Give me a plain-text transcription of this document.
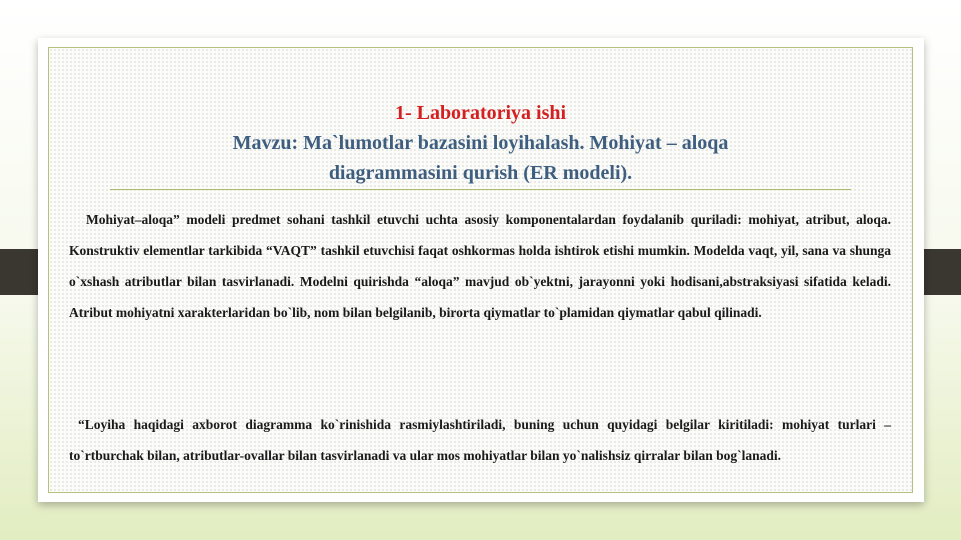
1- Laboratoriya ishi
Mavzu: Ma`lumotlar bazasini loyihalash. Mohiyat – aloqa
diagrammasini qurish (ER modeli).

Mohiyat–aloqa” modeli predmet sohani tashkil etuvchi uchta asosiy komponentalardan foydalanib quriladi: mohiyat, atribut, aloqa. Konstruktiv elementlar tarkibida “VAQT” tashkil etuvchisi faqat oshkormas holda ishtirok etishi mumkin. Modelda vaqt, yil, sana va shunga o`xshash atributlar bilan tasvirlanadi. Modelni quirishda “aloqa” mavjud ob`yektni, jarayonni yoki hodisani,abstraksiyasi sifatida keladi. Atribut mohiyatni xarakterlaridan bo`lib, nom bilan belgilanib, birorta qiymatlar to`plamidan qiymatlar qabul qilinadi.

“Loyiha haqidagi axborot diagramma ko`rinishida rasmiylashtiriladi, buning uchun quyidagi belgilar kiritiladi: mohiyat turlari – to`rtburchak bilan, atributlar-ovallar bilan tasvirlanadi va ular mos mohiyatlar bilan yo`nalishsiz qirralar bilan bog`lanadi.
